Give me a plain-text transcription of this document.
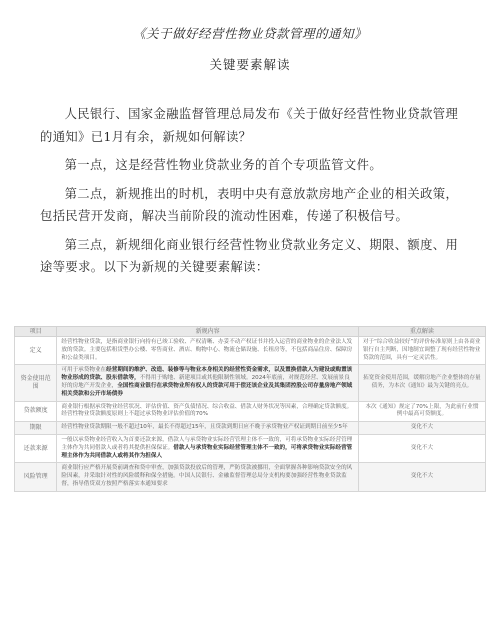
《关于做好经营性物业贷款管理的通知》
关键要素解读

人民银行、国家金融监督管理总局发布《关于做好经营性物业贷款管理的通知》已1月有余，新规如何解读？

第一点，这是经营性物业贷款业务的首个专项监管文件。

第二点，新规推出的时机，表明中央有意放款房地产企业的相关政策，包括民营开发商，解决当前阶段的流动性困难，传递了积极信号。

第三点，新规细化商业银行经营性物业贷款业务定义、期限、额度、用途等要求。以下为新规的关键要素解读：

项目	新规内容	重点解读
定义	经营性物业贷款，是指商业银行向持有已竣工验收、产权清晰、办妥不动产权证书并投入运营的商业物业的企业法人发放的贷款。主要包括租赁型办公楼、零售商业、酒店、购物中心、物流仓储设施、长租房等，不包括商品住房、保障房和公益类项目。	对于“综合收益较好”的评价标准原则上由各商业银行自主判断，因地制宜调整了现有经营性物业贷款的范围，具有一定灵活性。
资金使用范围	可用于承贷物业在经营期间的维护、改造、装修等与物业本身相关的经营性资金需求，以及置换借款人为建设或购置该物业形成的贷款、股东借款等，不得用于购地、新建项目或其他限制性领域。2024年底前，对规范经营、发展前景良好的房地产开发企业，全国性商业银行在承贷物业所有权人的贷款可用于偿还该企业及其集团控股公司存量房地产领域相关贷款和公开市场债券	拓宽资金使用范围，缓解房地产企业整体的存量债务，为本次《通知》最为关键的亮点。
贷款额度	商业银行根据承贷物业经营状况、评估价值、资产负债情况、综合收益、借款人财务状况等因素，合理确定贷款额度。经营性物业贷款额度原则上不超过承贷物业评估价值的70%	本次《通知》规定了70%上限，为此前行业惯例中最高可贷额度。
期限	经营性物业贷款期限一般不超过10年，最长不得超过15年，且贷款到期日应不晚于承贷物业产权证到期日前至少5年	变化不大
还款来源	一般以承贷物业经营收入为首要还款来源，借款人与承贷物业实际经营管理主体不一致的，可将承贷物业实际经营管理主体作为共同借款人或者将其提供担保保证。借款人与承贷物业实际经营管理主体不一致的，可将承贷物业实际经营管理主体作为共同借款人或将其作为担保人	变化不大
风险管理	商业银行应严格开展贷前调查和贷中审查，加强贷款投放后的管理，严防贷款被挪用，全面掌握各种影响贷款安全的风险因素，并采取针对性的风险缓释和保全措施。中国人民银行、金融监督管理总局分支机构要加强经营性物业贷款监督，指导借贷双方按照严格落实本通知要求	变化不大
